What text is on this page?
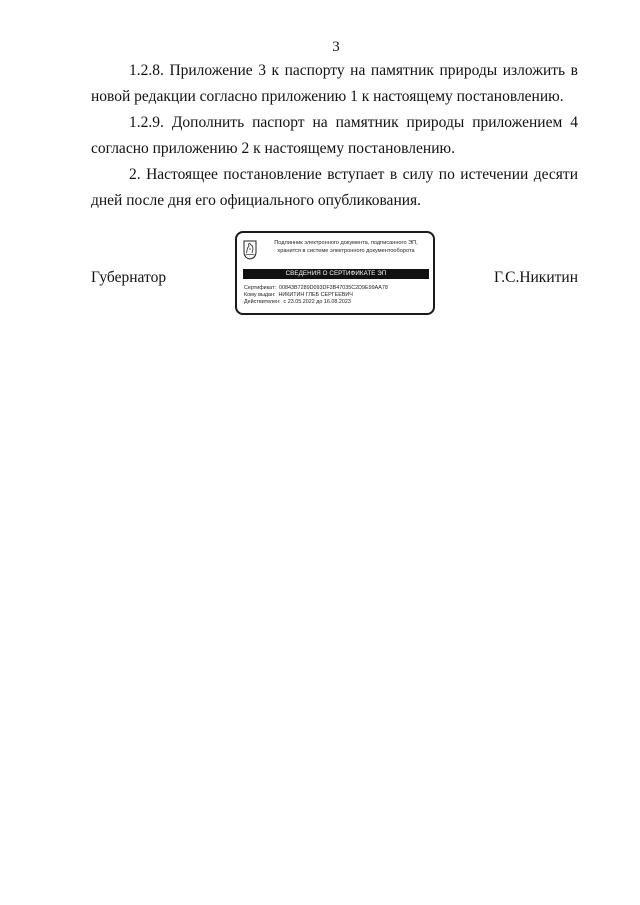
3

1.2.8. Приложение 3 к паспорту на памятник природы изложить в новой редакции согласно приложению 1 к настоящему постановлению.

1.2.9. Дополнить паспорт на памятник природы приложением 4 согласно приложению 2 к настоящему постановлению.

2. Настоящее постановление вступает в силу по истечении десяти дней после дня его официального опубликования.

Губернатор	Г.С.Никитин
Подлинник электронного документа, подписанного ЭП,
хранится в системе электронного документооборота
СВЕДЕНИЯ О СЕРТИФИКАТЕ ЭП
Сертификат: 00843B7289D093DF3B47035C2D9E99AA78
Кому выдан: НИКИТИН ГЛЕБ СЕРГЕЕВИЧ
Действителен: с 23.05.2022 до 16.08.2023
